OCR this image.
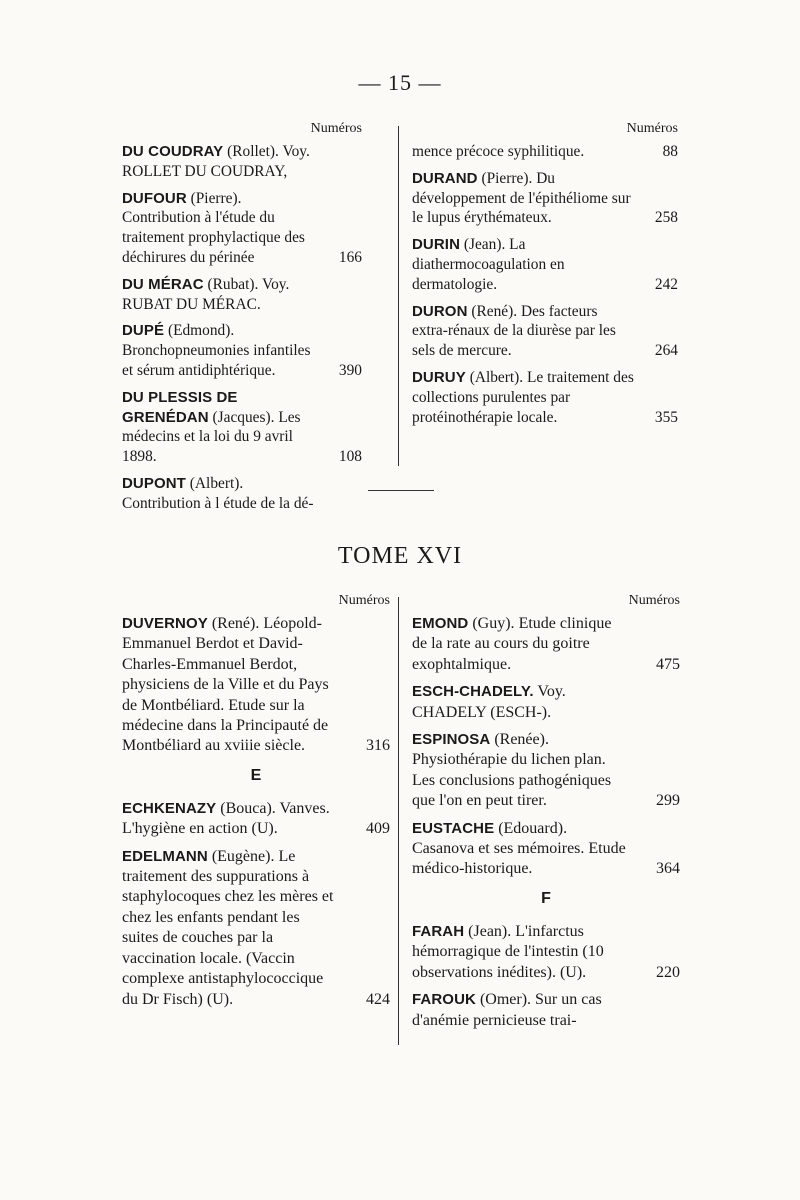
— 15 —
Numéros
DU COUDRAY (Rollet). Voy. ROLLET DU COUDRAY,
DUFOUR (Pierre). Contribution à l'étude du traitement prophylactique des déchirures du périnée	166
DU MÉRAC (Rubat). Voy. RUBAT DU MÉRAC.
DUPÉ (Edmond). Bronchopneumonies infantiles et sérum antidiphtérique.	390
DU PLESSIS DE GRENÉDAN (Jacques). Les médecins et la loi du 9 avril 1898.	108
DUPONT (Albert). Contribution à l étude de la dé-
Numéros
mence précoce syphilitique.	88
DURAND (Pierre). Du développement de l'épithéliome sur le lupus érythémateux.	258
DURIN (Jean). La diathermocoagulation en dermatologie.	242
DURON (René). Des facteurs extra-rénaux de la diurèse par les sels de mercure.	264
DURUY (Albert). Le traitement des collections purulentes par protéinothérapie locale.	355
TOME XVI
Numéros
DUVERNOY (René). Léopold-Emmanuel Berdot et David-Charles-Emmanuel Berdot, physiciens de la Ville et du Pays de Montbéliard. Etude sur la médecine dans la Principauté de Montbéliard au xviiie siècle.	316
E
ECHKENAZY (Bouca). Vanves. L'hygiène en action (U).	409
EDELMANN (Eugène). Le traitement des suppurations à staphylocoques chez les mères et chez les enfants pendant les suites de couches par la vaccination locale. (Vaccin complexe antistaphylococcique du Dr Fisch) (U).	424
Numéros
EMOND (Guy). Etude clinique de la rate au cours du goitre exophtalmique.	475
ESCH-CHADELY. Voy. CHADELY (ESCH-).
ESPINOSA (Renée). Physiothérapie du lichen plan. Les conclusions pathogéniques que l'on en peut tirer.	299
EUSTACHE (Edouard). Casanova et ses mémoires. Etude médico-historique.	364
F
FARAH (Jean). L'infarctus hémorragique de l'intestin (10 observations inédites). (U).	220
FAROUK (Omer). Sur un cas d'anémie pernicieuse trai-
